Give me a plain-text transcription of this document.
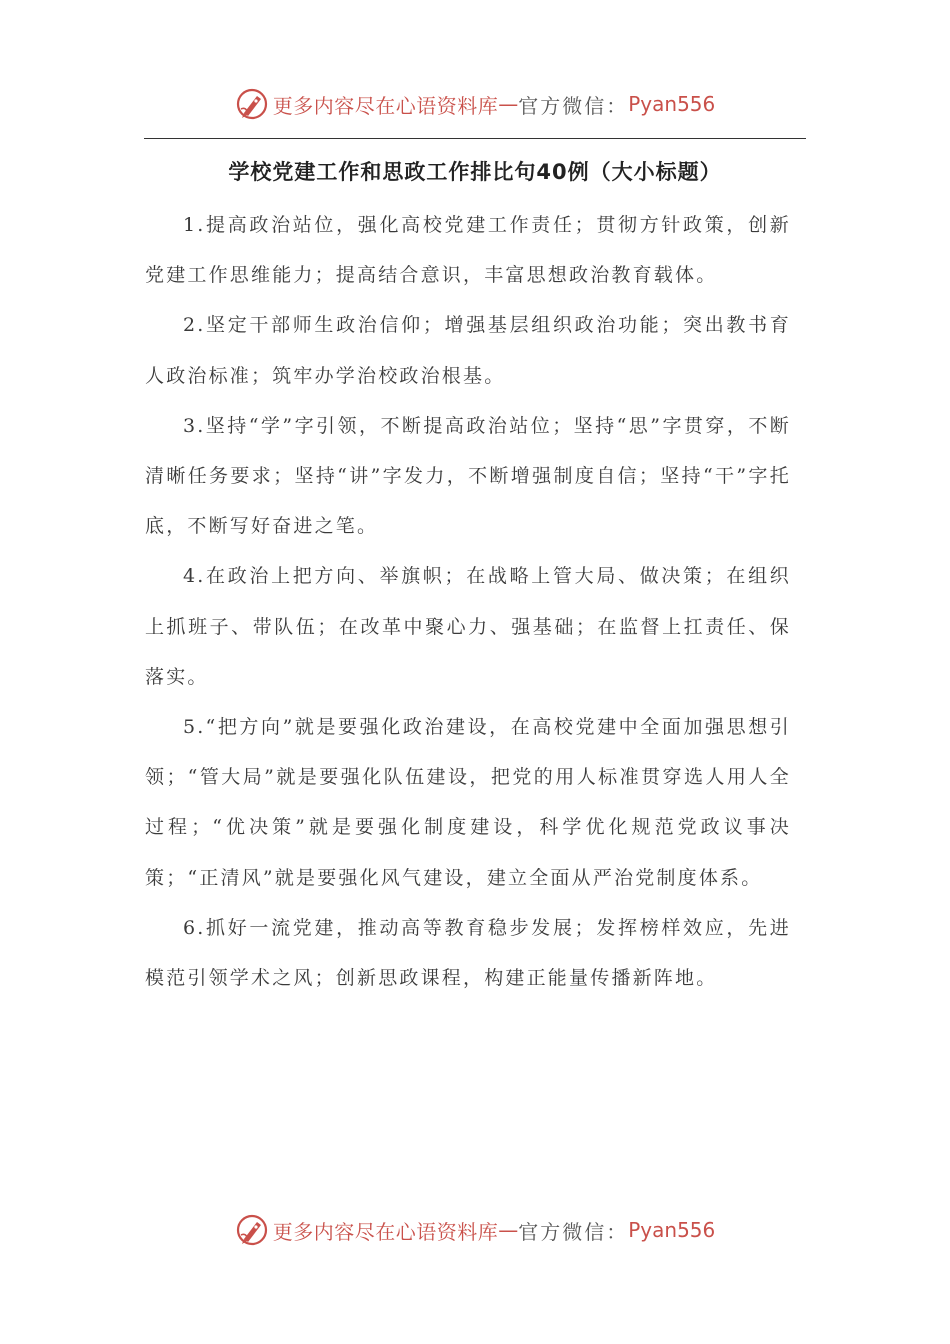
更多内容尽在心语资料库 — 官方微信： Pyan556
学校党建工作和思政工作排比句40例（大小标题）

1.提高政治站位，强化高校党建工作责任；贯彻方针政策，创新党建工作思维能力；提高结合意识，丰富思想政治教育载体。

2.坚定干部师生政治信仰；增强基层组织政治功能；突出教书育人政治标准；筑牢办学治校政治根基。

3.坚持“学”字引领，不断提高政治站位；坚持“思”字贯穿，不断清晰任务要求；坚持“讲”字发力，不断增强制度自信；坚持“干”字托底，不断写好奋进之笔。

4.在政治上把方向、举旗帜；在战略上管大局、做决策；在组织上抓班子、带队伍；在改革中聚心力、强基础；在监督上扛责任、保落实。

5.“把方向”就是要强化政治建设，在高校党建中全面加强思想引领；“管大局”就是要强化队伍建设，把党的用人标准贯穿选人用人全过程；“优决策”就是要强化制度建设，科学优化规范党政议事决策；“正清风”就是要强化风气建设，建立全面从严治党制度体系。

6.抓好一流党建，推动高等教育稳步发展；发挥榜样效应，先进模范引领学术之风；创新思政课程，构建正能量传播新阵地。

更多内容尽在心语资料库 — 官方微信： Pyan556
